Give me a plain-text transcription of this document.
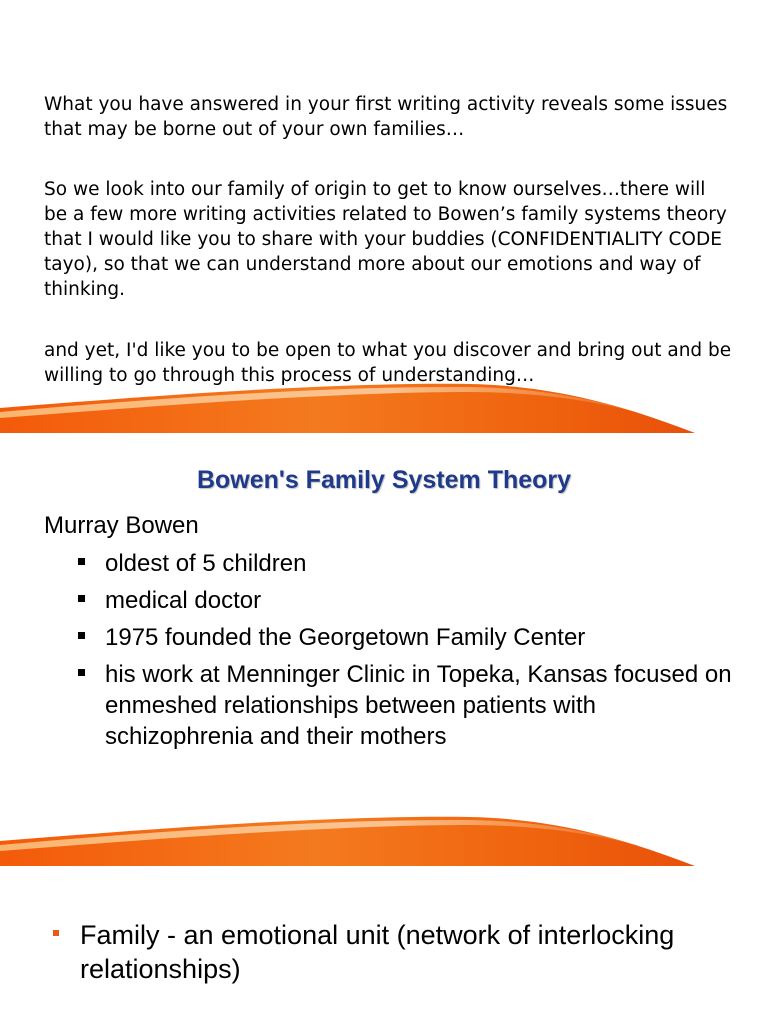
What you have answered in your first writing activity reveals some issues that may be borne out of your own families…

So we look into our family of origin to get to know ourselves…there will be a few more writing activities related to Bowen’s family systems theory that I would like you to share with your buddies (CONFIDENTIALITY CODE tayo), so that we can understand more about our emotions and way of thinking.

and yet, I'd like you to be open to what you discover and bring out and be willing to go through this process of understanding…

Bowen's Family System Theory

Murray Bowen

oldest of 5 children
medical doctor
1975 founded the Georgetown Family Center
his work at Menninger Clinic in Topeka, Kansas focused on enmeshed relationships between patients with schizophrenia and their mothers
Family - an emotional unit (network of interlocking relationships)
